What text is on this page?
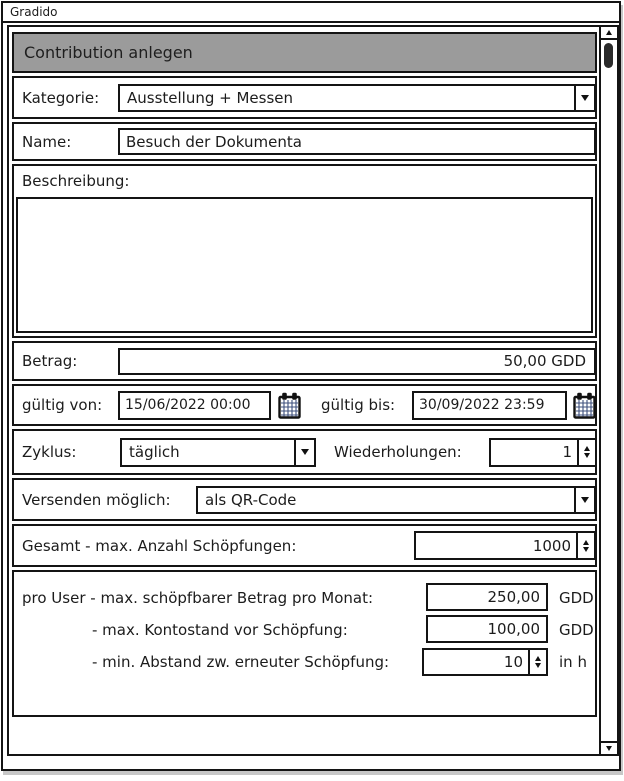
Gradido
Contribution anlegen
Kategorie:	Ausstellung + Messen
Name:
Besuch der Dokumenta
Beschreibung:
Betrag:
50,00 GDD
gültig von:
15/06/2022 00:00	gültig bis:
30/09/2022 23:59
Zyklus:	täglich	Wiederholungen:
1
Versenden möglich:	als QR-Code
Gesamt - max. Anzahl Schöpfungen:
1000
pro User - max. schöpfbarer Betrag pro Monat:
250,00	GDD
- max. Kontostand vor Schöpfung:
100,00	GDD
- min. Abstand zw. erneuter Schöpfung:
10	in h
